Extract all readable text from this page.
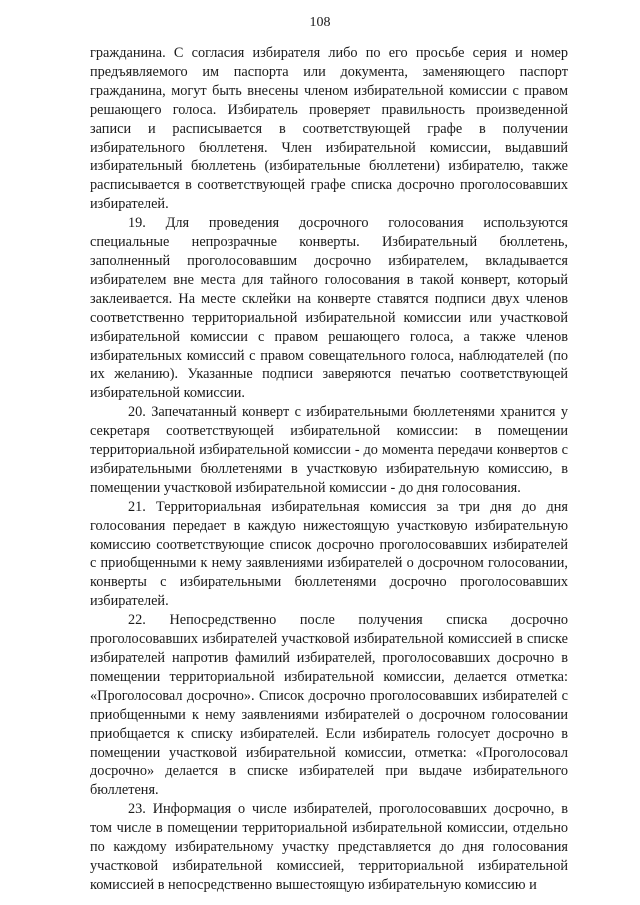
108

гражданина. С согласия избирателя либо по его просьбе серия и номер предъявляемого им паспорта или документа, заменяющего паспорт гражданина, могут быть внесены членом избирательной комиссии с правом решающего голоса. Избиратель проверяет правильность произведенной записи и расписывается в соответствующей графе в получении избирательного бюллетеня. Член избирательной комиссии, выдавший избирательный бюллетень (избирательные бюллетени) избирателю, также расписывается в соответствующей графе списка досрочно проголосовавших избирателей.

19. Для проведения досрочного голосования используются специальные непрозрачные конверты. Избирательный бюллетень, заполненный проголосовавшим досрочно избирателем, вкладывается избирателем вне места для тайного голосования в такой конверт, который заклеивается. На месте склейки на конверте ставятся подписи двух членов соответственно территориальной избирательной комиссии или участковой избирательной комиссии с правом решающего голоса, а также членов избирательных комиссий с правом совещательного голоса, наблюдателей (по их желанию). Указанные подписи заверяются печатью соответствующей избирательной комиссии.

20. Запечатанный конверт с избирательными бюллетенями хранится у секретаря соответствующей избирательной комиссии: в помещении территориальной избирательной комиссии - до момента передачи конвертов с избирательными бюллетенями в участковую избирательную комиссию, в помещении участковой избирательной комиссии - до дня голосования.

21. Территориальная избирательная комиссия за три дня до дня голосования передает в каждую нижестоящую участковую избирательную комиссию соответствующие список досрочно проголосовавших избирателей с приобщенными к нему заявлениями избирателей о досрочном голосовании, конверты с избирательными бюллетенями досрочно проголосовавших избирателей.

22. Непосредственно после получения списка досрочно проголосовавших избирателей участковой избирательной комиссией в списке избирателей напротив фамилий избирателей, проголосовавших досрочно в помещении территориальной избирательной комиссии, делается отметка: «Проголосовал досрочно». Список досрочно проголосовавших избирателей с приобщенными к нему заявлениями избирателей о досрочном голосовании приобщается к списку избирателей. Если избиратель голосует досрочно в помещении участковой избирательной комиссии, отметка: «Проголосовал досрочно» делается в списке избирателей при выдаче избирательного бюллетеня.

23. Информация о числе избирателей, проголосовавших досрочно, в том числе в помещении территориальной избирательной комиссии, отдельно по каждому избирательному участку представляется до дня голосования участковой избирательной комиссией, территориальной избирательной комиссией в непосредственно вышестоящую избирательную комиссию и
